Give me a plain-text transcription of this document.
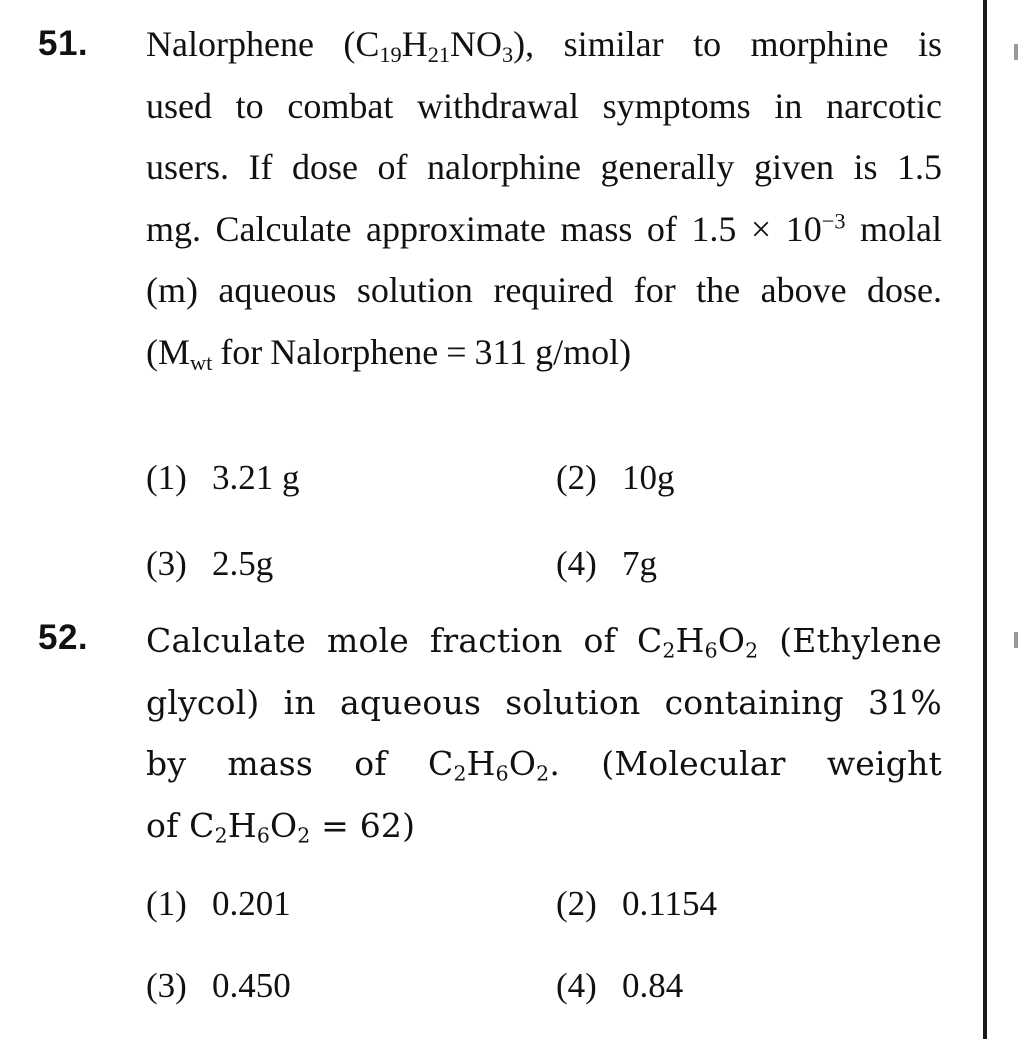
51. Nalorphene $(C_{19}H_{21}NO_3)$, similar to morphine is
used to combat withdrawal symptoms in narcotic
users. If dose of nalorphine generally given is 1.5
mg. Calculate approximate mass of $1.5 \times 10^{-3}$ molal
(m) aqueous solution required for the above dose.
($M_{wt}$ for Nalorphene = 311 g/mol)
(1) 3.21 g	(2) 10g
(3) 2.5g	(4) 7g
52. Calculate mole fraction of $C_2H_6O_2$ (Ethylene
glycol) in aqueous solution containing 31%
by mass of $C_2H_6O_2$. (Molecular weight
of $C_2H_6O_2 = 62$)
(1) 0.201	(2) 0.1154
(3) 0.450	(4) 0.84
